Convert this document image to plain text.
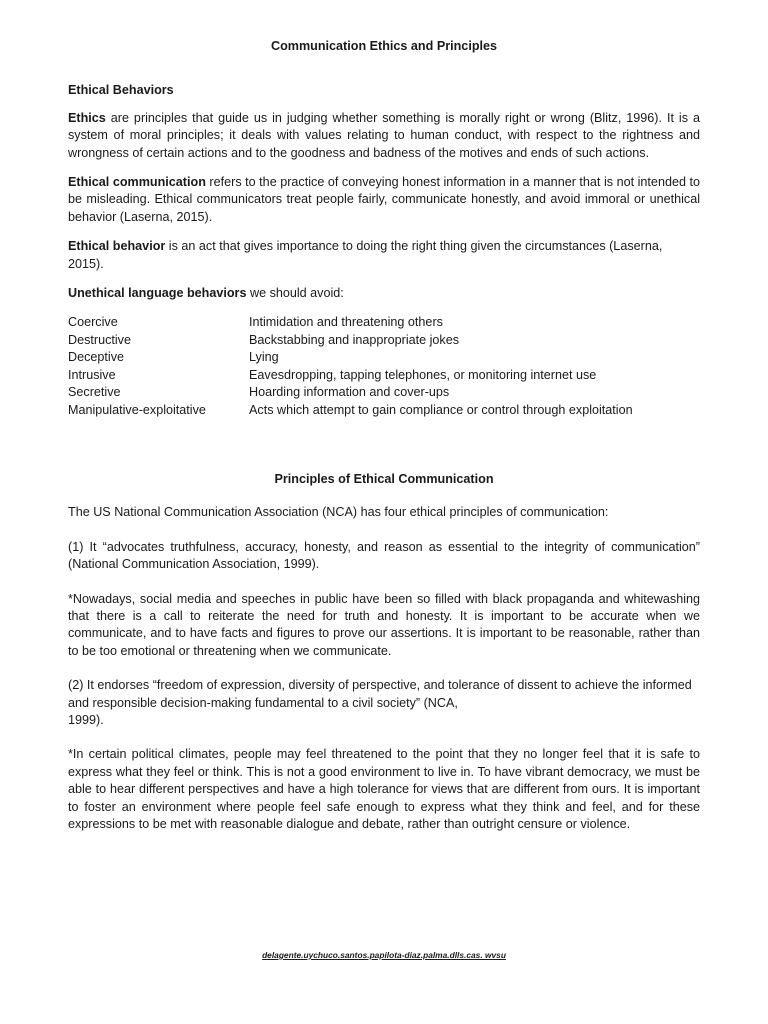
Communication Ethics and Principles
Ethical Behaviors

Ethics are principles that guide us in judging whether something is morally right or wrong (Blitz, 1996). It is a system of moral principles; it deals with values relating to human conduct, with respect to the rightness and wrongness of certain actions and to the goodness and badness of the motives and ends of such actions.

Ethical communication refers to the practice of conveying honest information in a manner that is not intended to be misleading. Ethical communicators treat people fairly, communicate honestly, and avoid immoral or unethical behavior (Laserna, 2015).

Ethical behavior is an act that gives importance to doing the right thing given the circumstances (Laserna, 2015).

Unethical language behaviors we should avoid:

Coercive	Intimidation and threatening others
Destructive	Backstabbing and inappropriate jokes
Deceptive	Lying
Intrusive	Eavesdropping, tapping telephones, or monitoring internet use
Secretive	Hoarding information and cover-ups
Manipulative-exploitative	Acts which attempt to gain compliance or control through exploitation
Principles of Ethical Communication

The US National Communication Association (NCA) has four ethical principles of communication:

(1) It “advocates truthfulness, accuracy, honesty, and reason as essential to the integrity of communication” (National Communication Association, 1999).

*Nowadays, social media and speeches in public have been so filled with black propaganda and whitewashing that there is a call to reiterate the need for truth and honesty. It is important to be accurate when we communicate, and to have facts and figures to prove our assertions. It is important to be reasonable, rather than to be too emotional or threatening when we communicate.

(2) It endorses “freedom of expression, diversity of perspective, and tolerance of dissent to achieve the informed and responsible decision-making fundamental to a civil society” (NCA,
1999).

*In certain political climates, people may feel threatened to the point that they no longer feel that it is safe to express what they feel or think. This is not a good environment to live in. To have vibrant democracy, we must be able to hear different perspectives and have a high tolerance for views that are different from ours. It is important to foster an environment where people feel safe enough to express what they think and feel, and for these expressions to be met with reasonable dialogue and debate, rather than outright censure or violence.

delagente.uychuco.santos.papilota-diaz.palma.dlls.cas. wvsu
